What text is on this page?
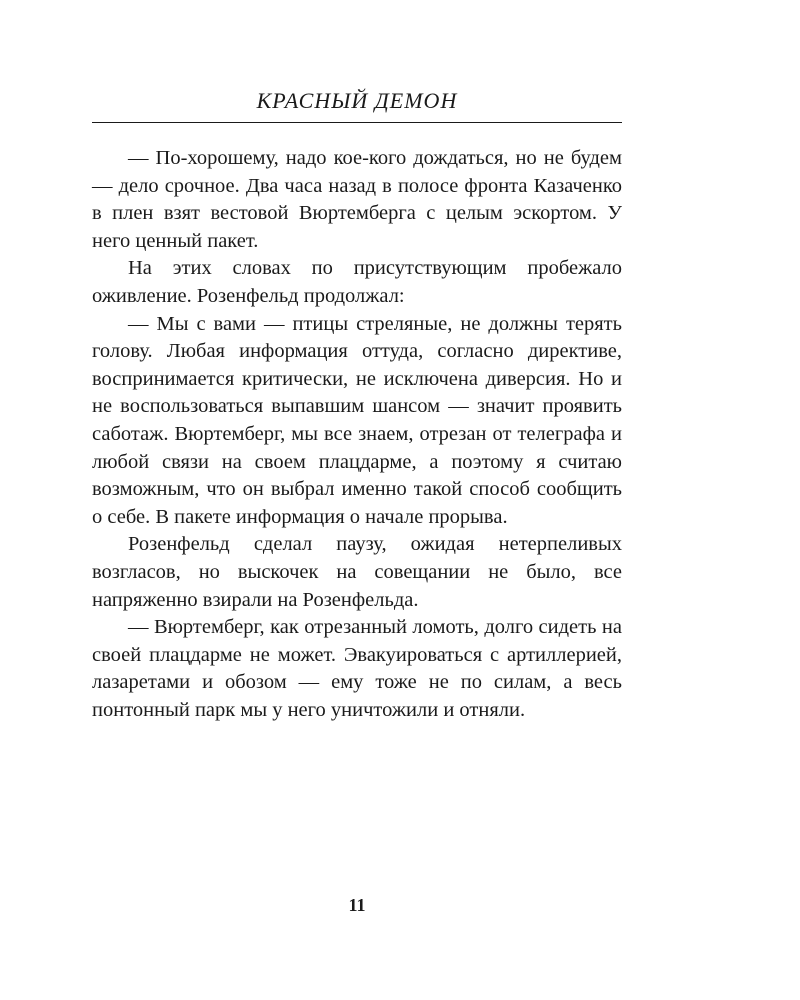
КРАСНЫЙ ДЕМОН

— По-хорошему, надо кое-кого дождаться, но не будем — дело срочное. Два часа назад в полосе фронта Казаченко в плен взят вестовой Вюртемберга с целым эскортом. У него ценный пакет.

На этих словах по присутствующим пробежало оживление. Розенфельд продолжал:

— Мы с вами — птицы стреляные, не должны терять голову. Любая информация оттуда, согласно директиве, воспринимается критически, не исключена диверсия. Но и не воспользоваться выпавшим шансом — значит проявить саботаж. Вюртемберг, мы все знаем, отрезан от телеграфа и любой связи на своем плацдарме, а поэтому я считаю возможным, что он выбрал именно такой способ сообщить о себе. В пакете информация о начале прорыва.

Розенфельд сделал паузу, ожидая нетерпеливых возгласов, но выскочек на совещании не было, все напряженно взирали на Розенфельда.

— Вюртемберг, как отрезанный ломоть, долго сидеть на своей плацдарме не может. Эвакуироваться с артиллерией, лазаретами и обозом — ему тоже не по силам, а весь понтонный парк мы у него уничтожили и отняли.

11
